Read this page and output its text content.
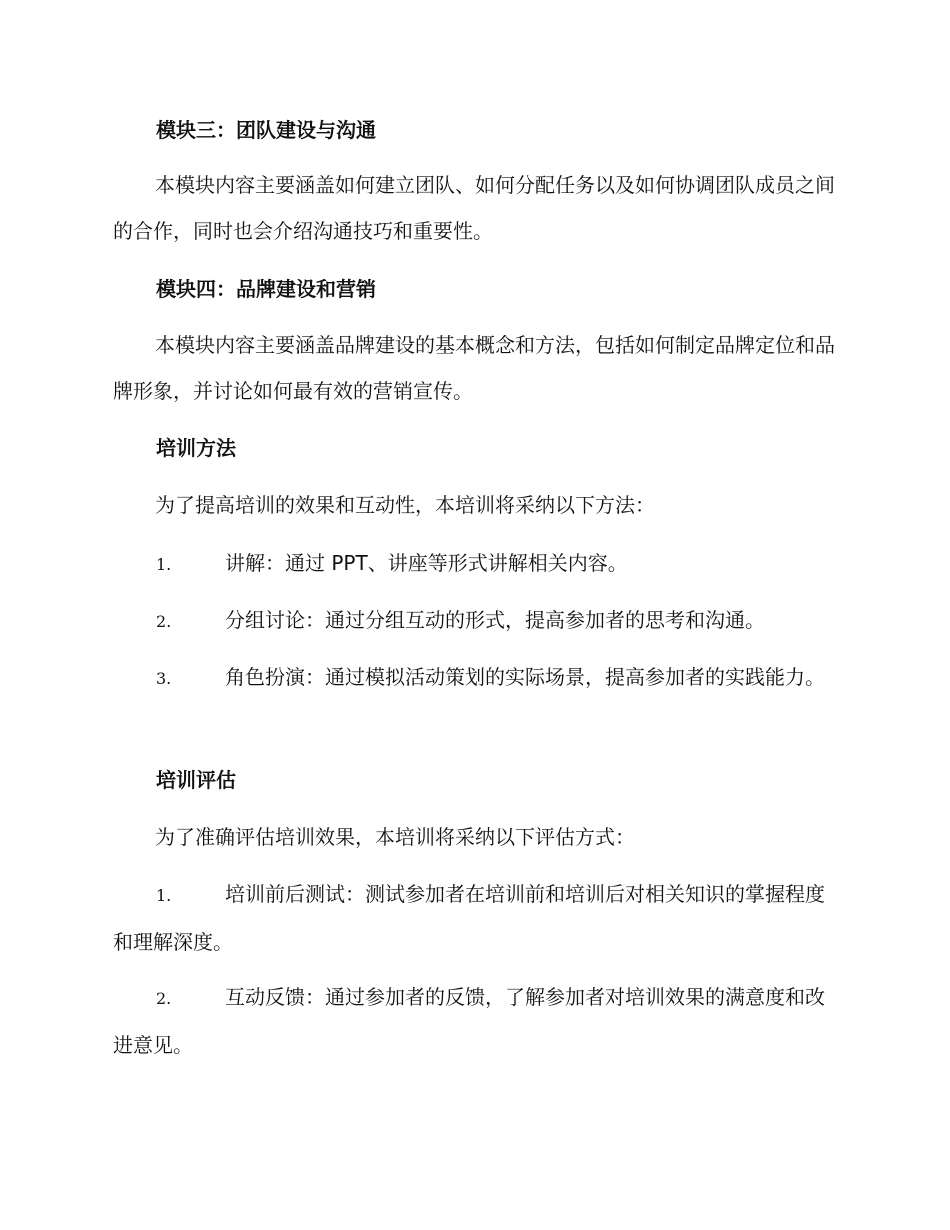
模块三：团队建设与沟通
本模块内容主要涵盖如何建立团队、如何分配任务以及如何协调团队成员之间的合作，同时也会介绍沟通技巧和重要性。
模块四：品牌建设和营销
本模块内容主要涵盖品牌建设的基本概念和方法，包括如何制定品牌定位和品牌形象，并讨论如何最有效的营销宣传。
培训方法
为了提高培训的效果和互动性，本培训将采纳以下方法：
1.	讲解：通过 PPT、讲座等形式讲解相关内容。
2.	分组讨论：通过分组互动的形式，提高参加者的思考和沟通。
3.	角色扮演：通过模拟活动策划的实际场景，提高参加者的实践能力。
培训评估
为了准确评估培训效果，本培训将采纳以下评估方式：
1.	培训前后测试：测试参加者在培训前和培训后对相关知识的掌握程度和理解深度。
2.	互动反馈：通过参加者的反馈，了解参加者对培训效果的满意度和改进意见。
